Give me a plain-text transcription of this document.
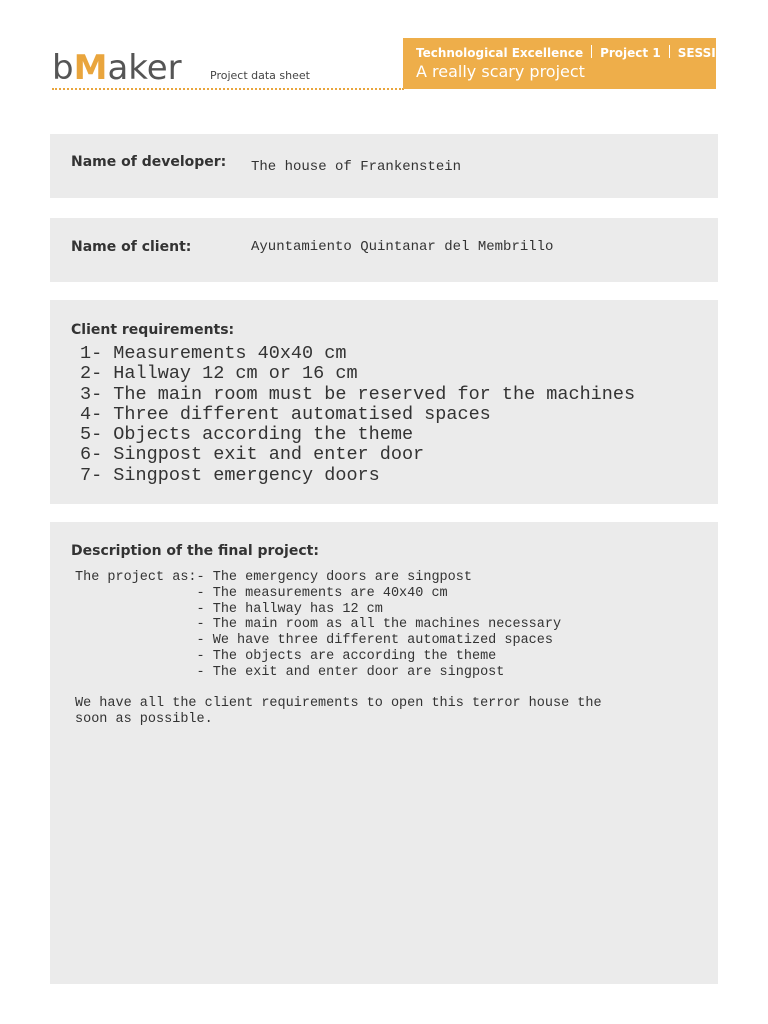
bMaker	Project data sheet
Technological Excellence Project 1 SESSION 5
A really scary project
Name of developer: The house of Frankenstein
Name of client:	Ayuntamiento Quintanar del Membrillo
Client requirements:
1- Measurements 40x40 cm
2- Hallway 12 cm or 16 cm
3- The main room must be reserved for the machines
4- Three different automatised spaces
5- Objects according the theme
6- Singpost exit and enter door
7- Singpost emergency doors
Description of the final project:
The project as:- The emergency doors are singpost
- The measurements are 40x40 cm
- The hallway has 12 cm
- The main room as all the machines necessary
- We have three different automatized spaces
- The objects are according the theme
- The exit and enter door are singpost

We have all the client requirements to open this terror house the
soon as possible.
